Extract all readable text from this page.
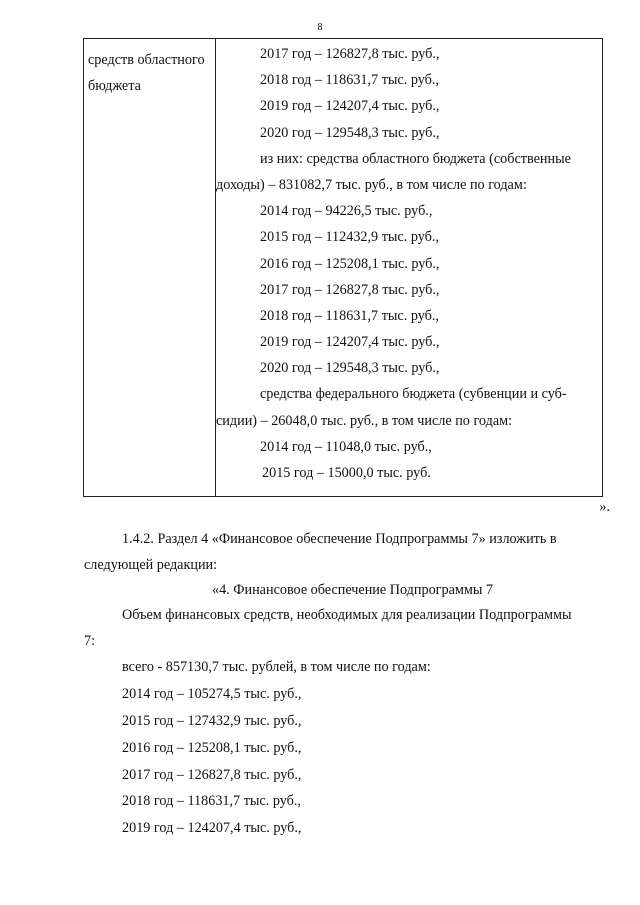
8
средств областного
бюджета
2017 год – 126827,8 тыс. руб.,
2018 год – 118631,7 тыс. руб.,
2019 год – 124207,4 тыс. руб.,
2020 год – 129548,3 тыс. руб.,
из них: средства областного бюджета (собственные
доходы) – 831082,7 тыс. руб., в том числе по годам:
2014 год – 94226,5 тыс. руб.,
2015 год – 112432,9 тыс. руб.,
2016 год – 125208,1 тыс. руб.,
2017 год – 126827,8 тыс. руб.,
2018 год – 118631,7 тыс. руб.,
2019 год – 124207,4 тыс. руб.,
2020 год – 129548,3 тыс. руб.,
средства федерального бюджета (субвенции и суб-
сидии) – 26048,0 тыс. руб., в том числе по годам:
2014 год – 11048,0 тыс. руб.,
2015 год – 15000,0 тыс. руб.
».
1.4.2. Раздел 4 «Финансовое обеспечение Подпрограммы 7» изложить в
следующей редакции:
«4. Финансовое обеспечение Подпрограммы 7
Объем финансовых средств, необходимых для реализации Подпрограммы
7:
всего - 857130,7 тыс. рублей, в том числе по годам:
2014 год – 105274,5 тыс. руб.,
2015 год – 127432,9 тыс. руб.,
2016 год – 125208,1 тыс. руб.,
2017 год – 126827,8 тыс. руб.,
2018 год – 118631,7 тыс. руб.,
2019 год – 124207,4 тыс. руб.,
